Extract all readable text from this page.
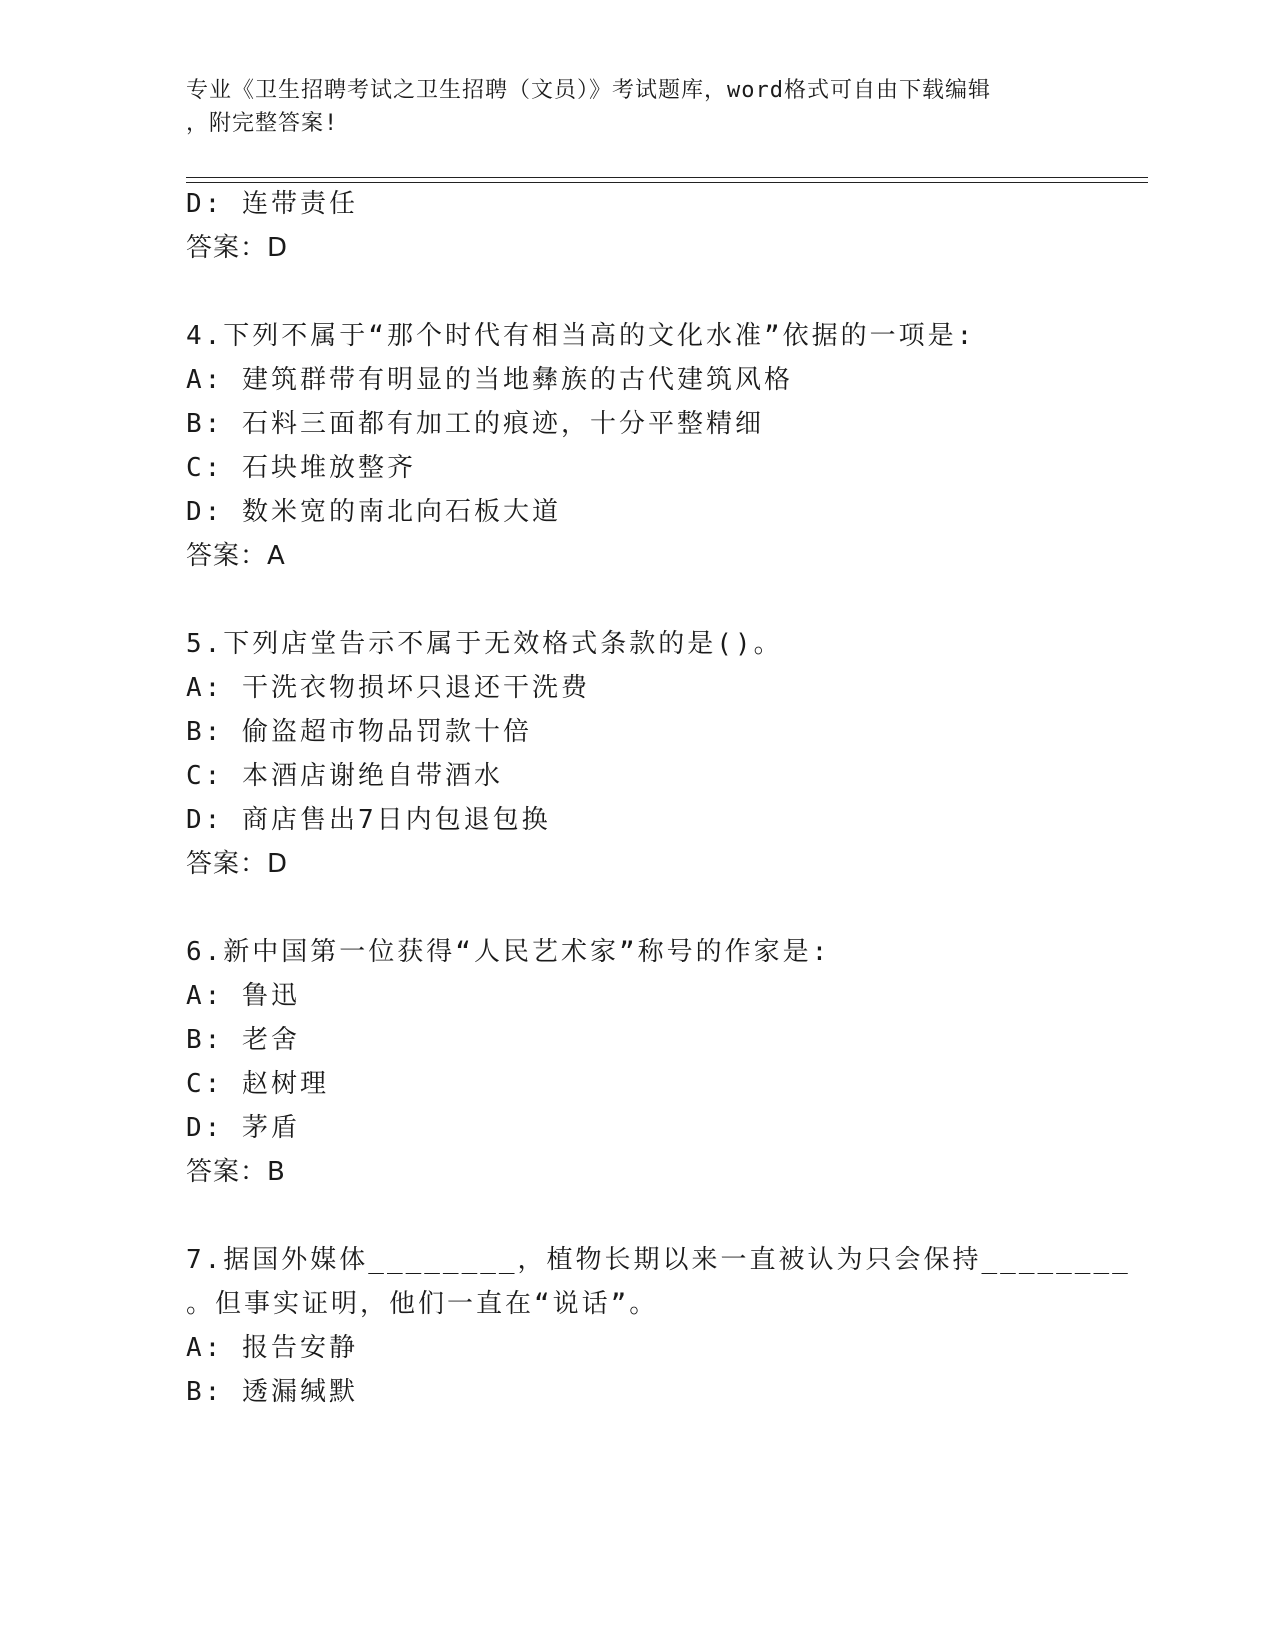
专业《卫生招聘考试之卫生招聘（文员）》考试题库，word格式可自由下载编辑
，附完整答案!
D: 连带责任
答案：D
4.下列不属于“那个时代有相当高的文化水准”依据的一项是:
A: 建筑群带有明显的当地彝族的古代建筑风格
B: 石料三面都有加工的痕迹，十分平整精细
C: 石块堆放整齐
D: 数米宽的南北向石板大道
答案：A
5.下列店堂告示不属于无效格式条款的是()。
A: 干洗衣物损坏只退还干洗费
B: 偷盗超市物品罚款十倍
C: 本酒店谢绝自带酒水
D: 商店售出7日内包退包换
答案：D
6.新中国第一位获得“人民艺术家”称号的作家是:
A: 鲁迅
B: 老舍
C: 赵树理
D: 茅盾
答案：B
7.据国外媒体________，植物长期以来一直被认为只会保持________
。但事实证明，他们一直在“说话”。
A: 报告安静
B: 透漏缄默
